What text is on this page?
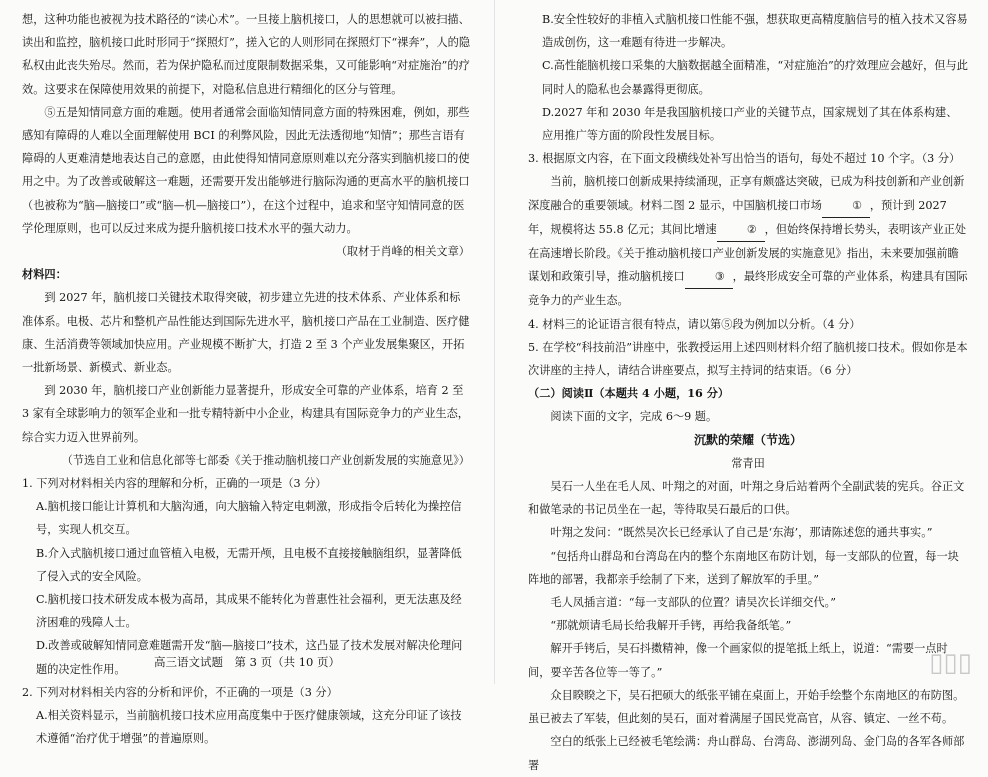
想，这种功能也被视为技术路径的“读心术”。一旦接上脑机接口，人的思想就可以被扫描、读出和监控，脑机接口此时形同于“探照灯”，搓入它的人则形同在探照灯下“裸奔”，人的隐私权由此丧失殆尽。然而，若为保护隐私而过度限制数据采集，又可能影响“对症施治”的疗效。这要求在保障使用效果的前提下，对隐私信息进行精细化的区分与管理。

⑤五是知情同意方面的难题。使用者通常会面临知情同意方面的特殊困难，例如，那些感知有障碍的人难以全面理解使用 BCI 的利弊风险，因此无法透彻地“知情”；那些言语有障碍的人更难清楚地表达自己的意愿，由此使得知情同意原则难以充分落实到脑机接口的使用之中。为了改善或破解这一难题，还需要开发出能够进行脑际沟通的更高水平的脑机接口（也被称为“脑—脑接口”或“脑—机—脑接口”），在这个过程中，追求和坚守知情同意的医学伦理原则，也可以反过来成为提升脑机接口技术水平的强大动力。

（取材于肖峰的相关文章）

材料四：

到 2027 年，脑机接口关键技术取得突破，初步建立先进的技术体系、产业体系和标准体系。电极、芯片和整机产品性能达到国际先进水平，脑机接口产品在工业制造、医疗健康、生活消费等领域加快应用。产业规模不断扩大，打造 2 至 3 个产业发展集聚区，开拓一批新场景、新模式、新业态。

到 2030 年，脑机接口产业创新能力显著提升，形成安全可靠的产业体系，培育 2 至 3 家有全球影响力的领军企业和一批专精特新中小企业，构建具有国际竞争力的产业生态，综合实力迈入世界前列。

（节选自工业和信息化部等七部委《关于推动脑机接口产业创新发展的实施意见》）

1. 下列对材料相关内容的理解和分析，正确的一项是（3 分）

A.脑机接口能让计算机和大脑沟通，向大脑输入特定电刺激，形成指令后转化为操控信号，实现人机交互。

B.介入式脑机接口通过血管植入电极，无需开颅，且电极不直接接触脑组织，显著降低了侵入式的安全风险。

C.脑机接口技术研发成本极为高昂，其成果不能转化为普惠性社会福利，更无法惠及经济困难的残障人士。

D.改善或破解知情同意难题需开发“脑—脑接口”技术，这凸显了技术发展对解决伦理问题的决定性作用。

2. 下列对材料相关内容的分析和评价，不正确的一项是（3 分）

A.相关资料显示，当前脑机接口技术应用高度集中于医疗健康领域，这充分印证了该技术遵循“治疗优于增强”的普遍原则。

B.安全性较好的非植入式脑机接口性能不强，想获取更高精度脑信号的植入技术又容易造成创伤，这一难题有待进一步解决。

C.高性能脑机接口采集的大脑数据越全面精准，“对症施治”的疗效理应会越好，但与此同时人的隐私也会暴露得更彻底。

D.2027 年和 2030 年是我国脑机接口产业的关键节点，国家规划了其在体系构建、应用推广等方面的阶段性发展目标。

3. 根据原文内容，在下面文段横线处补写出恰当的语句，每处不超过 10 个字。（3 分）

当前，脑机接口创新成果持续涌现，正享有颇盛达突破，已成为科技创新和产业创新深度融合的重要领域。材料二图 2 显示，中国脑机接口市场	① ，预计到 2027 年，规模将达 55.8 亿元；其间比增速	② ，但始终保持增长势头，表明该产业正处在高速增长阶段。《关于推动脑机接口产业创新发展的实施意见》指出，未来要加强前瞻谋划和政策引导，推动脑机接口	③ ，最终形成安全可靠的产业体系，构建具有国际竞争力的产业生态。

4. 材料三的论证语言很有特点，请以第⑤段为例加以分析。（4 分）

5. 在学校“科技前沿”讲座中，张教授运用上述四则材料介绍了脑机接口技术。假如你是本次讲座的主持人，请结合讲座要点，拟写主持词的结束语。（6 分）

（二）阅读Ⅱ（本题共 4 小题，16 分）

阅读下面的文字，完成 6～9 题。

沉默的荣耀（节选）

常青田

吴石一人坐在毛人凤、叶翔之的对面，叶翔之身后站着两个全副武装的宪兵。谷正文和做笔录的书记员坐在一起，等待取吴石最后的口供。

叶翔之发问：“既然吴次长已经承认了自己是‘东海’，那请陈述您的通共事实。”

“包括舟山群岛和台湾岛在内的整个东南地区布防计划，每一支部队的位置，每一块阵地的部署，我都亲手绘制了下来，送到了解放军的手里。”

毛人凤插言道：“每一支部队的位置？请吴次长详细交代。”

“那就烦请毛局长给我解开手铐，再给我备纸笔。”

解开手铐后，吴石抖擞精神，像一个画家似的提笔抵上纸上，说道：“需要一点时间，要辛苦各位等一等了。”

众目睽睽之下，吴石把硕大的纸张平铺在桌面上，开始手绘整个东南地区的布防图。虽已被去了军装，但此刻的吴石，面对着满屋子国民党高官，从容、镇定、一丝不苟。

空白的纸张上已经被毛笔绘满：舟山群岛、台湾岛、澎湖列岛、金门岛的各军各师部署

高三语文试题　第 3 页（共 10 页）	▯▯▯
